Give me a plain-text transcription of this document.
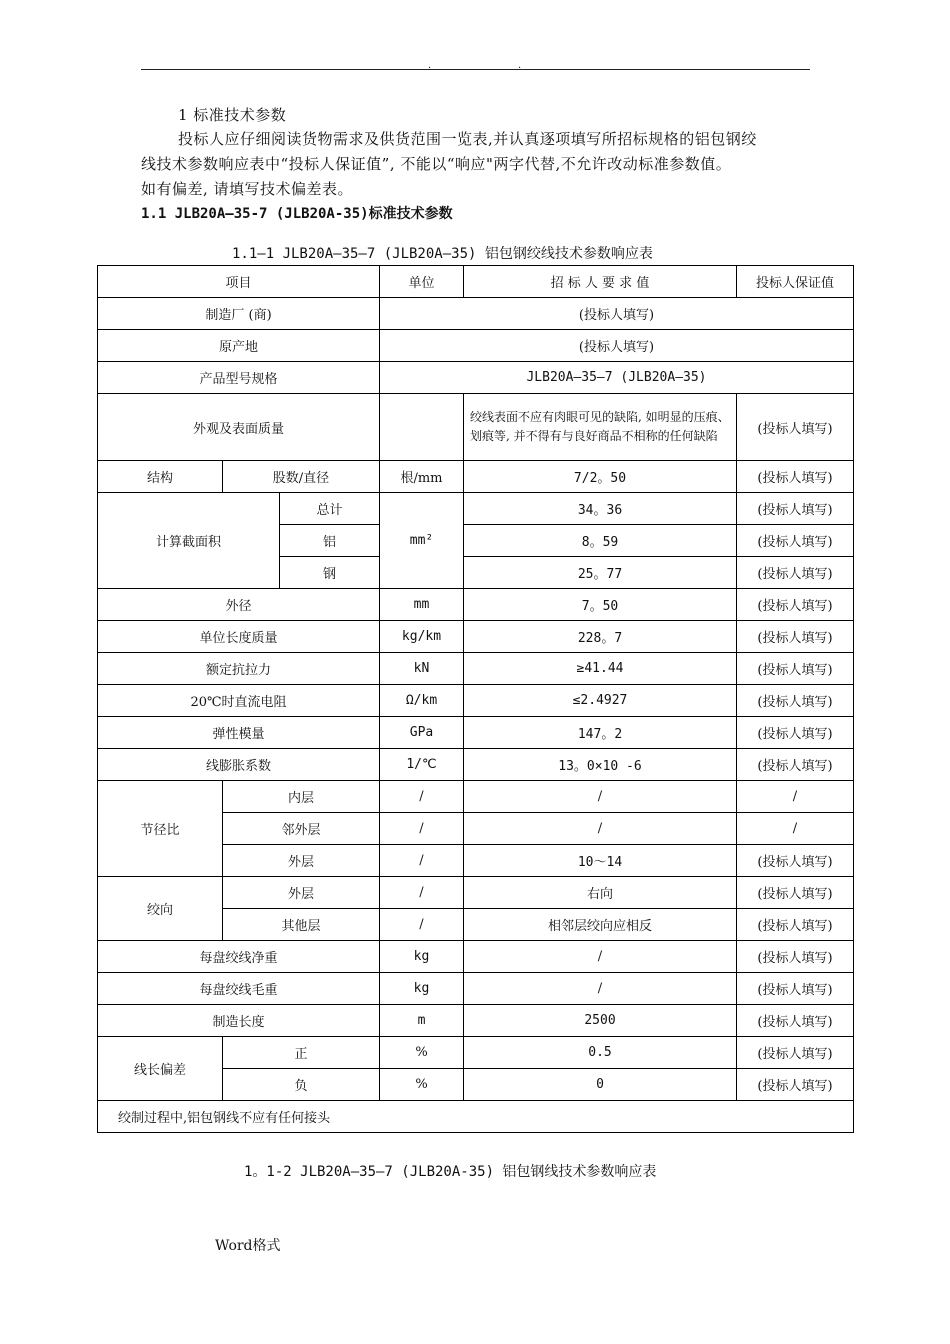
.	.
1 标准技术参数
投标人应仔细阅读货物需求及供货范围一览表,并认真逐项填写所招标规格的铝包钢绞
线技术参数响应表中“投标人保证值”, 不能以“响应"两字代替,不允许改动标准参数值。
如有偏差, 请填写技术偏差表。
1.1 JLB20A—35-7 (JLB20A-35)标准技术参数
1.1—1 JLB20A—35—7 (JLB20A—35) 铝包钢绞线技术参数响应表
项目			单位	招 标 人 要 求 值	投标人保证值
制造厂 (商)			(投标人填写)		
原产地			(投标人填写)		
产品型号规格			JLB20A—35—7 (JLB20A—35)		
外观及表面质量				绞线表面不应有肉眼可见的缺陷, 如明显的压痕、划痕等, 并不得有与良好商品不相称的任何缺陷	(投标人填写)
结构	股数/直径		根/mm	7/2。50	(投标人填写)
计算截面积		总计	mm²	34。36	(投标人填写)
		铝		8。59	(投标人填写)
		钢		25。77	(投标人填写)
外径			mm	7。50	(投标人填写)
单位长度质量			kg/km	228。7	(投标人填写)
额定抗拉力			kN	≥41.44	(投标人填写)
20℃时直流电阻			Ω/km	≤2.4927	(投标人填写)
弹性模量			GPa	147。2	(投标人填写)
线膨胀系数			1/℃	13。0×10 -6	(投标人填写)
节径比	内层		/	/	/
	邻外层		/	/	/
	外层		/	10～14	(投标人填写)
绞向	外层		/	右向	(投标人填写)
	其他层		/	相邻层绞向应相反	(投标人填写)
每盘绞线净重			kg	/	(投标人填写)
每盘绞线毛重			kg	/	(投标人填写)
制造长度			m	2500	(投标人填写)
线长偏差	正		%	0.5	(投标人填写)
	负		%	0	(投标人填写)
绞制过程中,铝包钢线不应有任何接头					
1。1-2 JLB20A—35—7 (JLB20A-35) 铝包钢线技术参数响应表
Word格式
